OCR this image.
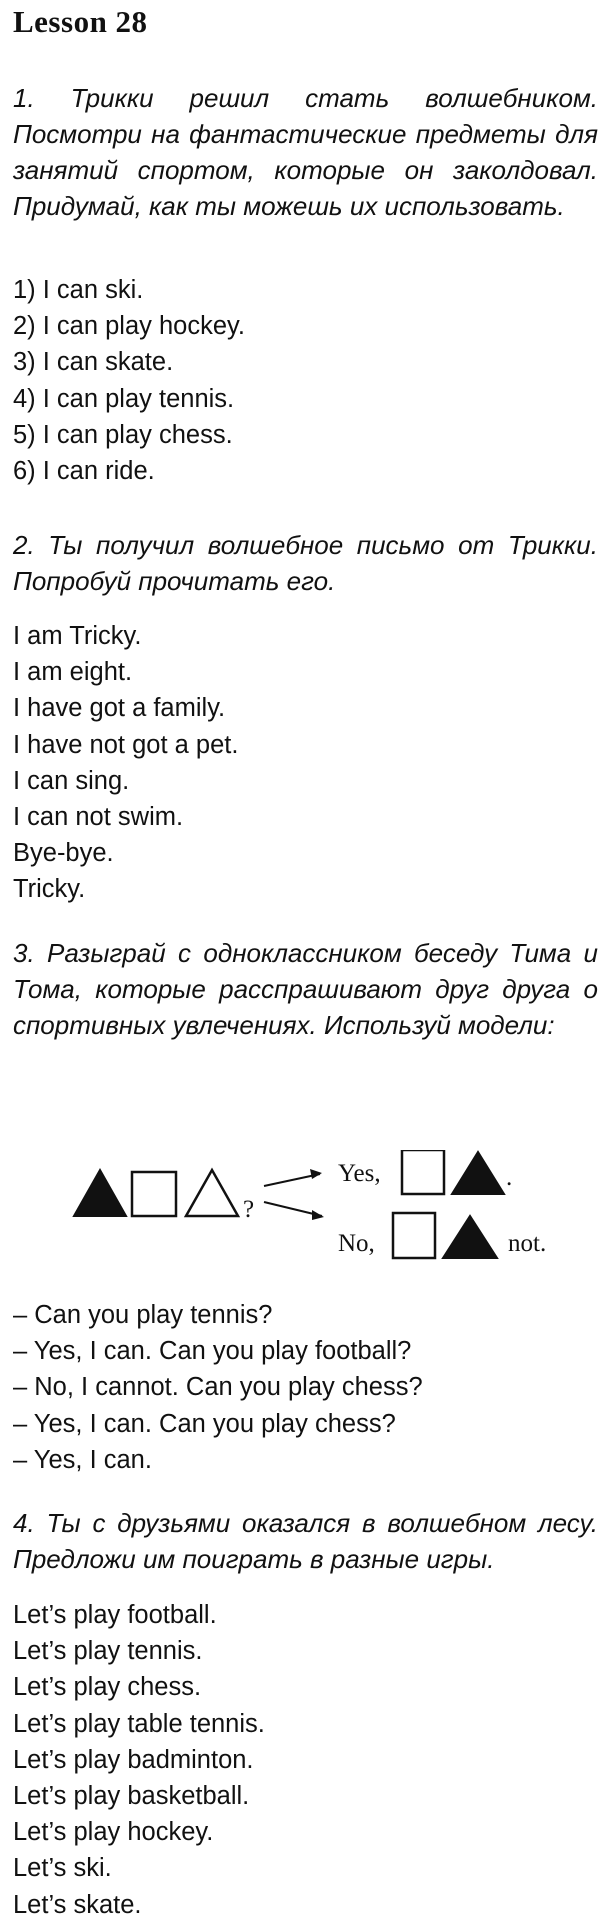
Lesson 28
1. Трикки решил стать волшебником. Посмотри на фантастические предметы для занятий спортом, которые он заколдовал. Придумай, как ты можешь их использовать.
1) I can ski.
2) I can play hockey.
3) I can skate.
4) I can play tennis.
5) I can play chess.
6) I can ride.
2. Ты получил волшебное письмо от Трикки. Попробуй прочитать его.
I am Tricky.
I am eight.
I have got a family.
I have not got a pet.
I can sing.
I can not swim.
Bye-bye.
Tricky.
3. Разыграй с одноклассником беседу Тима и Тома, которые расспрашивают друг друга о спортивных увлечениях. Используй модели:
?
Yes,	.
No,	not.
– Can you play tennis?
– Yes, I can. Can you play football?
– No, I cannot. Can you play chess?
– Yes, I can. Can you play chess?
– Yes, I can.
4. Ты с друзьями оказался в волшебном лесу. Предложи им поиграть в разные игры.
Let’s play football.
Let’s play tennis.
Let’s play chess.
Let’s play table tennis.
Let’s play badminton.
Let’s play basketball.
Let’s play hockey.
Let’s ski.
Let’s skate.
